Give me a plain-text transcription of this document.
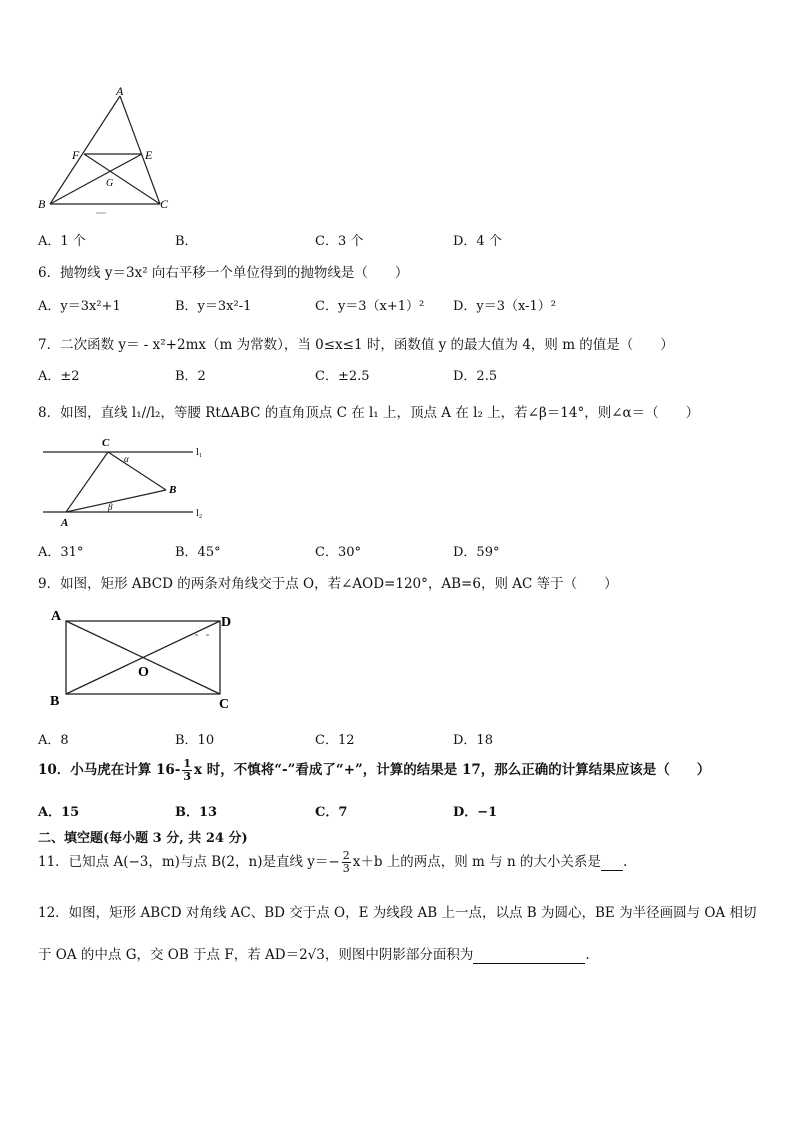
A
F	E
G
B	C
A．1 个	B．	C．3 个	D．4 个
6．抛物线 y＝3x² 向右平移一个单位得到的抛物线是（　　）
A．y＝3x²+1	B．y＝3x²-1	C．y＝3（x+1）² D．y＝3（x-1）²
7．二次函数 y＝ - x²+2mx（m 为常数），当 0≤x≤1 时，函数值 y 的最大值为 4，则 m 的值是（　　）
A．±2	B．2	C．±2.5	D．2.5
8．如图，直线 l₁//l₂，等腰 Rt∆ABC 的直角顶点 C 在 l₁ 上，顶点 A 在 l₂ 上，若∠β＝14°，则∠α＝（　　）
C
α
B
β
A
l₁
l₂
A．31°	B．45°	C．30°	D．59°
9．如图，矩形 ABCD 的两条对角线交于点 O，若∠AOD=120°，AB=6，则 AC 等于（　　）
A	D
O
B	C
A．8	B．10	C．12	D．18
10．小马虎在计算 $16- \frac{1}{3}$ x 时，不慎将“-”看成了“+”，计算的结果是 17，那么正确的计算结果应该是（　　）
A．15	B．13	C．7	D．−1
二、填空题(每小题 3 分, 共 24 分)
11．已知点 A(−3，m)与点 B(2，n)是直线 $y=- \frac{2}{3} x+b$ 上的两点，则 m 与 n 的大小关系是 .
12．如图，矩形 ABCD 对角线 AC、BD 交于点 O，E 为线段 AB 上一点，以点 B 为圆心，BE 为半径画圆与 OA 相切
于 OA 的中点 G，交 OB 于点 F，若 AD＝2√3，则图中阴影部分面积为	.
